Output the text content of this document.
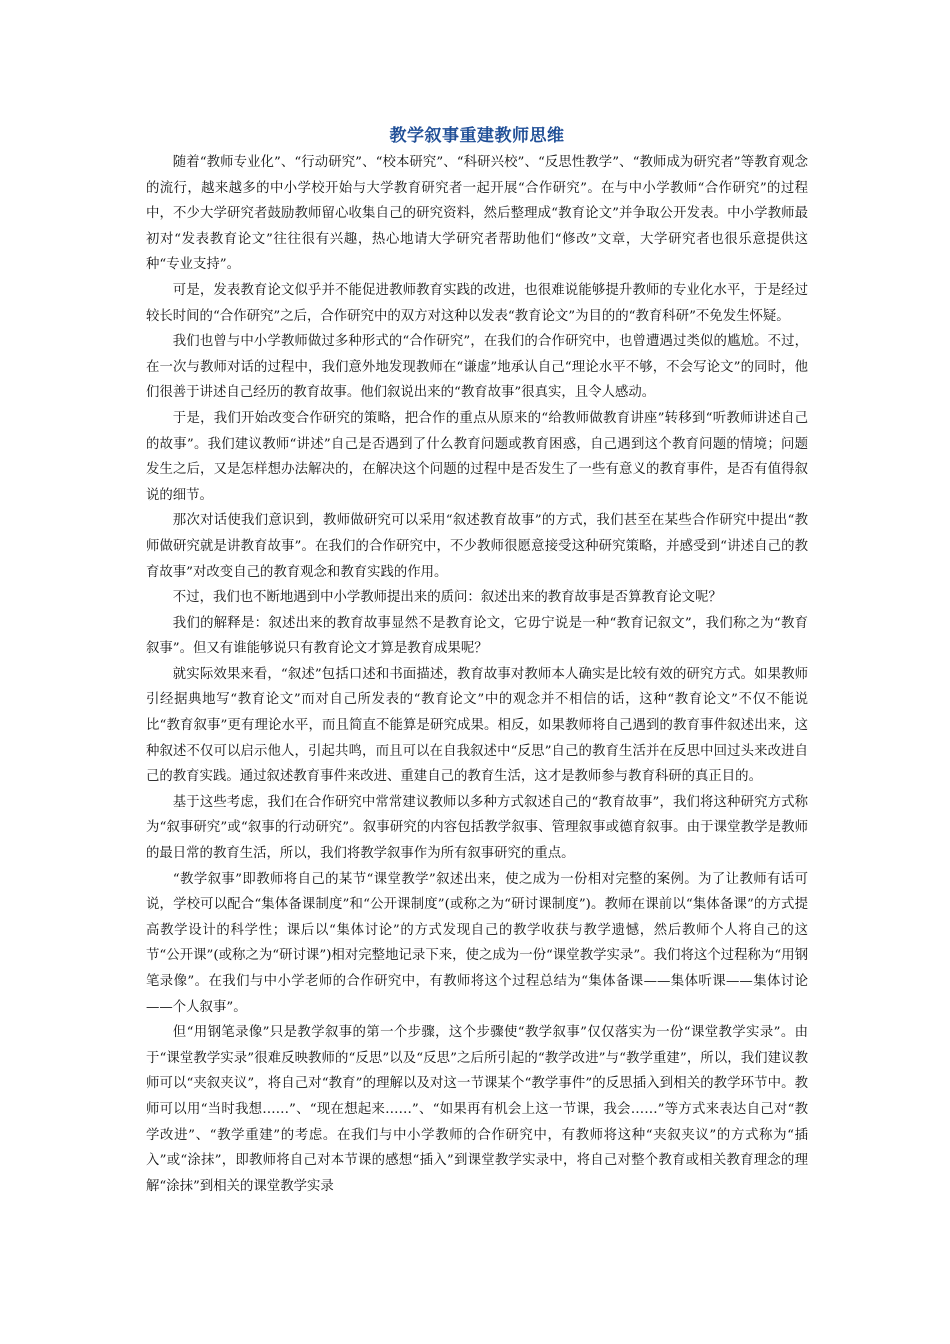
教学叙事重建教师思维

随着“教师专业化”、“行动研究”、“校本研究”、“科研兴校”、“反思性教学”、“教师成为研究者”等教育观念的流行，越来越多的中小学校开始与大学教育研究者一起开展“合作研究”。在与中小学教师“合作研究”的过程中，不少大学研究者鼓励教师留心收集自己的研究资料，然后整理成“教育论文”并争取公开发表。中小学教师最初对“发表教育论文”往往很有兴趣，热心地请大学研究者帮助他们“修改”文章，大学研究者也很乐意提供这种“专业支持”。

可是，发表教育论文似乎并不能促进教师教育实践的改进，也很难说能够提升教师的专业化水平，于是经过较长时间的“合作研究”之后，合作研究中的双方对这种以发表“教育论文”为目的的“教育科研”不免发生怀疑。

我们也曾与中小学教师做过多种形式的“合作研究”，在我们的合作研究中，也曾遭遇过类似的尴尬。不过，在一次与教师对话的过程中，我们意外地发现教师在“谦虚”地承认自己“理论水平不够，不会写论文”的同时，他们很善于讲述自己经历的教育故事。他们叙说出来的“教育故事”很真实，且令人感动。

于是，我们开始改变合作研究的策略，把合作的重点从原来的“给教师做教育讲座”转移到“听教师讲述自己的故事”。我们建议教师“讲述”自己是否遇到了什么教育问题或教育困惑，自己遇到这个教育问题的情境；问题发生之后，又是怎样想办法解决的，在解决这个问题的过程中是否发生了一些有意义的教育事件，是否有值得叙说的细节。

那次对话使我们意识到，教师做研究可以采用“叙述教育故事”的方式，我们甚至在某些合作研究中提出“教师做研究就是讲教育故事”。在我们的合作研究中，不少教师很愿意接受这种研究策略，并感受到“讲述自己的教育故事”对改变自己的教育观念和教育实践的作用。

不过，我们也不断地遇到中小学教师提出来的质问：叙述出来的教育故事是否算教育论文呢？

我们的解释是：叙述出来的教育故事显然不是教育论文，它毋宁说是一种“教育记叙文”，我们称之为“教育叙事”。但又有谁能够说只有教育论文才算是教育成果呢？

就实际效果来看，“叙述”包括口述和书面描述，教育故事对教师本人确实是比较有效的研究方式。如果教师引经据典地写“教育论文”而对自己所发表的“教育论文”中的观念并不相信的话，这种“教育论文”不仅不能说比“教育叙事”更有理论水平，而且简直不能算是研究成果。相反，如果教师将自己遇到的教育事件叙述出来，这种叙述不仅可以启示他人，引起共鸣，而且可以在自我叙述中“反思”自己的教育生活并在反思中回过头来改进自己的教育实践。通过叙述教育事件来改进、重建自己的教育生活，这才是教师参与教育科研的真正目的。

基于这些考虑，我们在合作研究中常常建议教师以多种方式叙述自己的“教育故事”，我们将这种研究方式称为“叙事研究”或“叙事的行动研究”。叙事研究的内容包括教学叙事、管理叙事或德育叙事。由于课堂教学是教师的最日常的教育生活，所以，我们将教学叙事作为所有叙事研究的重点。

“教学叙事”即教师将自己的某节“课堂教学”叙述出来，使之成为一份相对完整的案例。为了让教师有话可说，学校可以配合“集体备课制度”和“公开课制度”(或称之为“研讨课制度”)。教师在课前以“集体备课”的方式提高教学设计的科学性；课后以“集体讨论”的方式发现自己的教学收获与教学遗憾，然后教师个人将自己的这节“公开课”(或称之为“研讨课”)相对完整地记录下来，使之成为一份“课堂教学实录”。我们将这个过程称为“用钢笔录像”。在我们与中小学老师的合作研究中，有教师将这个过程总结为“集体备课——集体听课——集体讨论——个人叙事”。

但“用钢笔录像”只是教学叙事的第一个步骤，这个步骤使“教学叙事”仅仅落实为一份“课堂教学实录”。由于“课堂教学实录”很难反映教师的“反思”以及“反思”之后所引起的“教学改进”与“教学重建”，所以，我们建议教师可以“夹叙夹议”，将自己对“教育”的理解以及对这一节课某个“教学事件”的反思插入到相关的教学环节中。教师可以用“当时我想……”、“现在想起来……”、“如果再有机会上这一节课，我会……”等方式来表达自己对“教学改进”、“教学重建”的考虑。在我们与中小学教师的合作研究中，有教师将这种“夹叙夹议”的方式称为“插入”或“涂抹”，即教师将自己对本节课的感想“插入”到课堂教学实录中，将自己对整个教育或相关教育理念的理解“涂抹”到相关的课堂教学实录
